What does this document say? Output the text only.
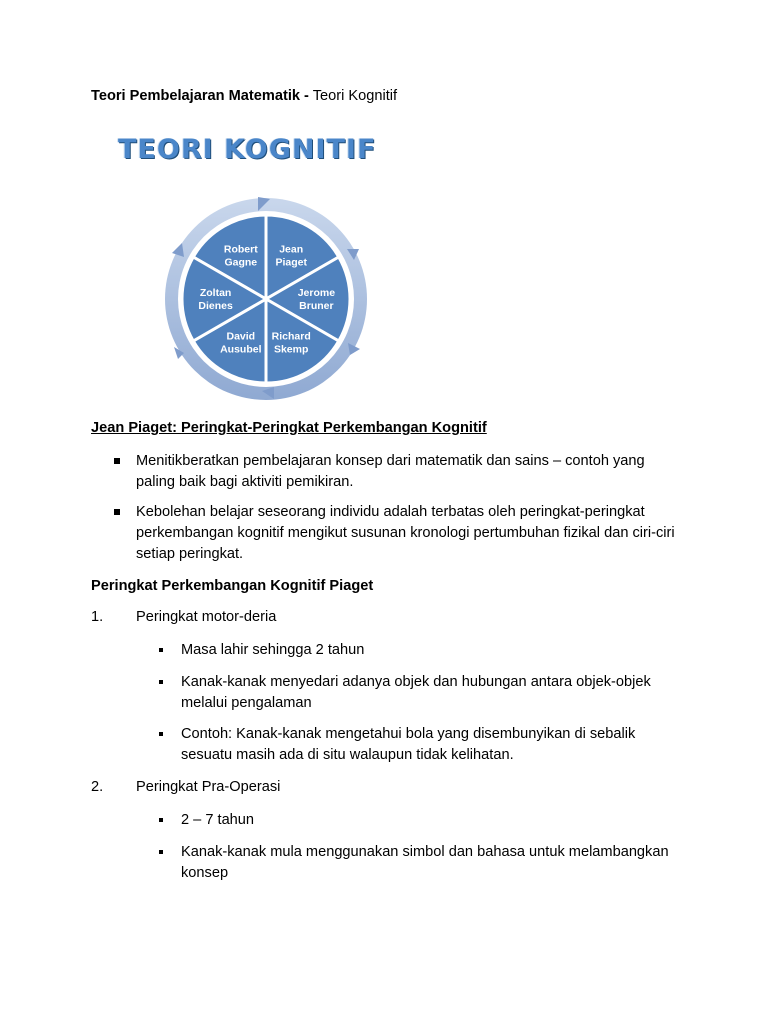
Teori Pembelajaran Matematik - Teori Kognitif
TEORI KOGNITIF
Robert
Gagne
Jean
Piaget
Jerome
Bruner
Richard
Skemp
David
Ausubel
Zoltan
Dienes
Jean Piaget: Peringkat-Peringkat Perkembangan Kognitif
Menitikberatkan pembelajaran konsep dari matematik dan sains – contoh yang paling baik bagi aktiviti pemikiran.
Kebolehan belajar seseorang individu adalah terbatas oleh peringkat-peringkat perkembangan kognitif mengikut susunan kronologi pertumbuhan fizikal dan ciri-ciri setiap peringkat.
Peringkat Perkembangan Kognitif Piaget
1. Peringkat motor-deria
Masa lahir sehingga 2 tahun
Kanak-kanak menyedari adanya objek dan hubungan antara objek-objek melalui pengalaman
Contoh: Kanak-kanak mengetahui bola yang disembunyikan di sebalik sesuatu masih ada di situ walaupun tidak kelihatan.
2. Peringkat Pra-Operasi
2 – 7 tahun
Kanak-kanak mula menggunakan simbol dan bahasa untuk melambangkan konsep
